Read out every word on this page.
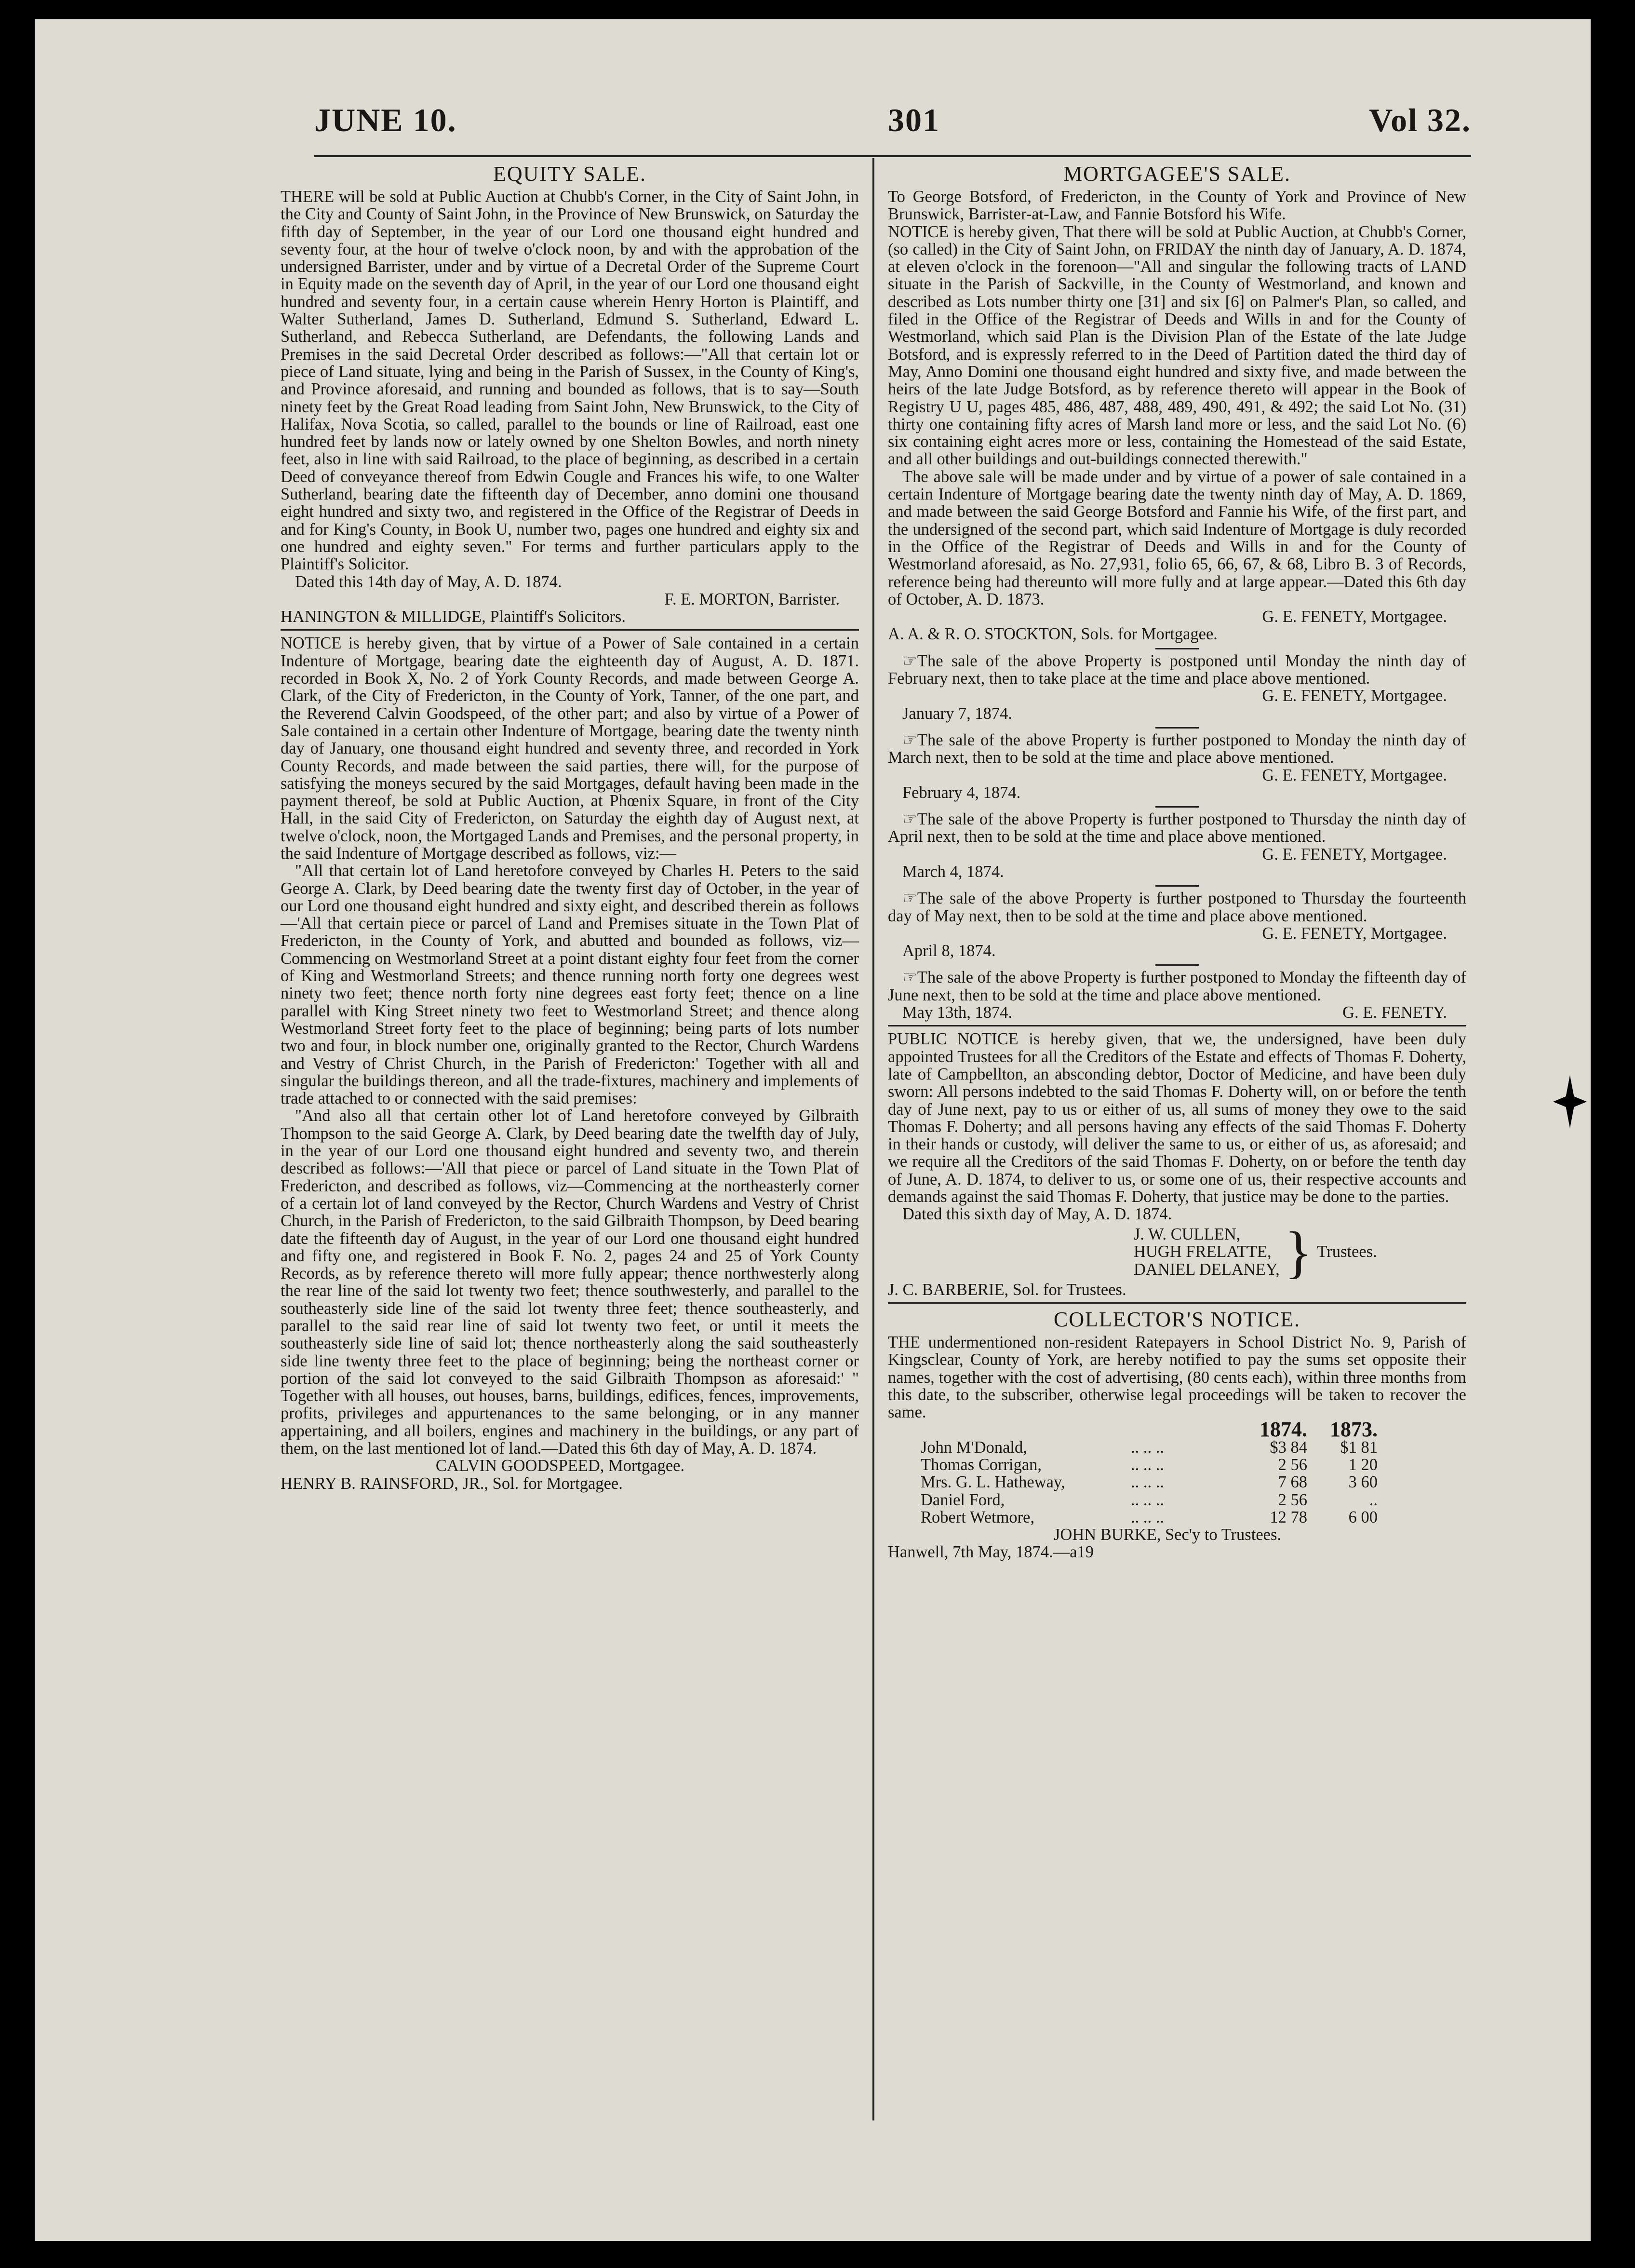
JUNE 10.	301	Vol 32.
EQUITY SALE.

THERE will be sold at Public Auction at Chubb's Corner, in the City of Saint John, in the City and County of Saint John, in the Province of New Brunswick, on Saturday the fifth day of September, in the year of our Lord one thousand eight hundred and seventy four, at the hour of twelve o'clock noon, by and with the approbation of the undersigned Barrister, under and by virtue of a Decretal Order of the Supreme Court in Equity made on the seventh day of April, in the year of our Lord one thousand eight hundred and seventy four, in a certain cause wherein Henry Horton is Plaintiff, and Walter Sutherland, James D. Sutherland, Edmund S. Sutherland, Edward L. Sutherland, and Rebecca Sutherland, are Defendants, the following Lands and Premises in the said Decretal Order described as follows:—"All that certain lot or piece of Land situate, lying and being in the Parish of Sussex, in the County of King's, and Province aforesaid, and running and bounded as follows, that is to say—South ninety feet by the Great Road leading from Saint John, New Brunswick, to the City of Halifax, Nova Scotia, so called, parallel to the bounds or line of Railroad, east one hundred feet by lands now or lately owned by one Shelton Bowles, and north ninety feet, also in line with said Railroad, to the place of beginning, as described in a certain Deed of conveyance thereof from Edwin Cougle and Frances his wife, to one Walter Sutherland, bearing date the fifteenth day of December, anno domini one thousand eight hundred and sixty two, and registered in the Office of the Registrar of Deeds in and for King's County, in Book U, number two, pages one hundred and eighty six and one hundred and eighty seven." For terms and further particulars apply to the Plaintiff's Solicitor.

Dated this 14th day of May, A. D. 1874.

F. E. MORTON, Barrister.

HANINGTON & MILLIDGE, Plaintiff's Solicitors.

NOTICE is hereby given, that by virtue of a Power of Sale contained in a certain Indenture of Mortgage, bearing date the eighteenth day of August, A. D. 1871. recorded in Book X, No. 2 of York County Records, and made between George A. Clark, of the City of Fredericton, in the County of York, Tanner, of the one part, and the Reverend Calvin Goodspeed, of the other part; and also by virtue of a Power of Sale contained in a certain other Indenture of Mortgage, bearing date the twenty ninth day of January, one thousand eight hundred and seventy three, and recorded in York County Records, and made between the said parties, there will, for the purpose of satisfying the moneys secured by the said Mortgages, default having been made in the payment thereof, be sold at Public Auction, at Phœnix Square, in front of the City Hall, in the said City of Fredericton, on Saturday the eighth day of August next, at twelve o'clock, noon, the Mortgaged Lands and Premises, and the personal property, in the said Indenture of Mortgage described as follows, viz:—

"All that certain lot of Land heretofore conveyed by Charles H. Peters to the said George A. Clark, by Deed bearing date the twenty first day of October, in the year of our Lord one thousand eight hundred and sixty eight, and described therein as follows—'All that certain piece or parcel of Land and Premises situate in the Town Plat of Fredericton, in the County of York, and abutted and bounded as follows, viz—Commencing on Westmorland Street at a point distant eighty four feet from the corner of King and Westmorland Streets; and thence running north forty one degrees west ninety two feet; thence north forty nine degrees east forty feet; thence on a line parallel with King Street ninety two feet to Westmorland Street; and thence along Westmorland Street forty feet to the place of beginning; being parts of lots number two and four, in block number one, originally granted to the Rector, Church Wardens and Vestry of Christ Church, in the Parish of Fredericton:' Together with all and singular the buildings thereon, and all the trade-fixtures, machinery and implements of trade attached to or connected with the said premises:

"And also all that certain other lot of Land heretofore conveyed by Gilbraith Thompson to the said George A. Clark, by Deed bearing date the twelfth day of July, in the year of our Lord one thousand eight hundred and seventy two, and therein described as follows:—'All that piece or parcel of Land situate in the Town Plat of Fredericton, and described as follows, viz—Commencing at the northeasterly corner of a certain lot of land conveyed by the Rector, Church Wardens and Vestry of Christ Church, in the Parish of Fredericton, to the said Gilbraith Thompson, by Deed bearing date the fifteenth day of August, in the year of our Lord one thousand eight hundred and fifty one, and registered in Book F. No. 2, pages 24 and 25 of York County Records, as by reference thereto will more fully appear; thence northwesterly along the rear line of the said lot twenty two feet; thence southwesterly, and parallel to the southeasterly side line of the said lot twenty three feet; thence southeasterly, and parallel to the said rear line of said lot twenty two feet, or until it meets the southeasterly side line of said lot; thence northeasterly along the said southeasterly side line twenty three feet to the place of beginning; being the northeast corner or portion of the said lot conveyed to the said Gilbraith Thompson as aforesaid:' " Together with all houses, out houses, barns, buildings, edifices, fences, improvements, profits, privileges and appurtenances to the same belonging, or in any manner appertaining, and all boilers, engines and machinery in the buildings, or any part of them, on the last mentioned lot of land.—Dated this 6th day of May, A. D. 1874.

CALVIN GOODSPEED, Mortgagee.

HENRY B. RAINSFORD, JR., Sol. for Mortgagee.

MORTGAGEE'S SALE.

To George Botsford, of Fredericton, in the County of York and Province of New Brunswick, Barrister-at-Law, and Fannie Botsford his Wife.

NOTICE is hereby given, That there will be sold at Public Auction, at Chubb's Corner, (so called) in the City of Saint John, on FRIDAY the ninth day of January, A. D. 1874, at eleven o'clock in the forenoon—"All and singular the following tracts of LAND situate in the Parish of Sackville, in the County of Westmorland, and known and described as Lots number thirty one [31] and six [6] on Palmer's Plan, so called, and filed in the Office of the Registrar of Deeds and Wills in and for the County of Westmorland, which said Plan is the Division Plan of the Estate of the late Judge Botsford, and is expressly referred to in the Deed of Partition dated the third day of May, Anno Domini one thousand eight hundred and sixty five, and made between the heirs of the late Judge Botsford, as by reference thereto will appear in the Book of Registry U U, pages 485, 486, 487, 488, 489, 490, 491, & 492; the said Lot No. (31) thirty one containing fifty acres of Marsh land more or less, and the said Lot No. (6) six containing eight acres more or less, containing the Homestead of the said Estate, and all other buildings and out-buildings connected therewith."

The above sale will be made under and by virtue of a power of sale contained in a certain Indenture of Mortgage bearing date the twenty ninth day of May, A. D. 1869, and made between the said George Botsford and Fannie his Wife, of the first part, and the undersigned of the second part, which said Indenture of Mortgage is duly recorded in the Office of the Registrar of Deeds and Wills in and for the County of Westmorland aforesaid, as No. 27,931, folio 65, 66, 67, & 68, Libro B. 3 of Records, reference being had thereunto will more fully and at large appear.—Dated this 6th day of October, A. D. 1873.

G. E. FENETY, Mortgagee.

A. A. & R. O. STOCKTON, Sols. for Mortgagee.

☞The sale of the above Property is postponed until Monday the ninth day of February next, then to take place at the time and place above mentioned.

G. E. FENETY, Mortgagee.

January 7, 1874.

☞The sale of the above Property is further postponed to Monday the ninth day of March next, then to be sold at the time and place above mentioned.

G. E. FENETY, Mortgagee.

February 4, 1874.

☞The sale of the above Property is further postponed to Thursday the ninth day of April next, then to be sold at the time and place above mentioned.

G. E. FENETY, Mortgagee.

March 4, 1874.

☞The sale of the above Property is further postponed to Thursday the fourteenth day of May next, then to be sold at the time and place above mentioned.

G. E. FENETY, Mortgagee.

April 8, 1874.

☞The sale of the above Property is further postponed to Monday the fifteenth day of June next, then to be sold at the time and place above mentioned.

May 13th, 1874.	G. E. FENETY.

PUBLIC NOTICE is hereby given, that we, the undersigned, have been duly appointed Trustees for all the Creditors of the Estate and effects of Thomas F. Doherty, late of Campbellton, an absconding debtor, Doctor of Medicine, and have been duly sworn: All persons indebted to the said Thomas F. Doherty will, on or before the tenth day of June next, pay to us or either of us, all sums of money they owe to the said Thomas F. Doherty; and all persons having any effects of the said Thomas F. Doherty in their hands or custody, will deliver the same to us, or either of us, as aforesaid; and we require all the Creditors of the said Thomas F. Doherty, on or before the tenth day of June, A. D. 1874, to deliver to us, or some one of us, their respective accounts and demands against the said Thomas F. Doherty, that justice may be done to the parties.

Dated this sixth day of May, A. D. 1874.

J. W. CULLEN,
HUGH FRELATTE,
DANIEL DELANEY, } Trustees.

J. C. BARBERIE, Sol. for Trustees.

COLLECTOR'S NOTICE.

THE undermentioned non-resident Ratepayers in School District No. 9, Parish of Kingsclear, County of York, are hereby notified to pay the sums set opposite their names, together with the cost of advertising, (80 cents each), within three months from this date, to the subscriber, otherwise legal proceedings will be taken to recover the same.

		1874.	1873.
John M'Donald,	.. .. ..	$3 84	$1 81
Thomas Corrigan,	.. .. ..	2 56	1 20
Mrs. G. L. Hatheway,	.. .. ..	7 68	3 60
Daniel Ford,	.. .. ..	2 56	..
Robert Wetmore,	.. .. ..	12 78	6 00

JOHN BURKE, Sec'y to Trustees.

Hanwell, 7th May, 1874.—a19
